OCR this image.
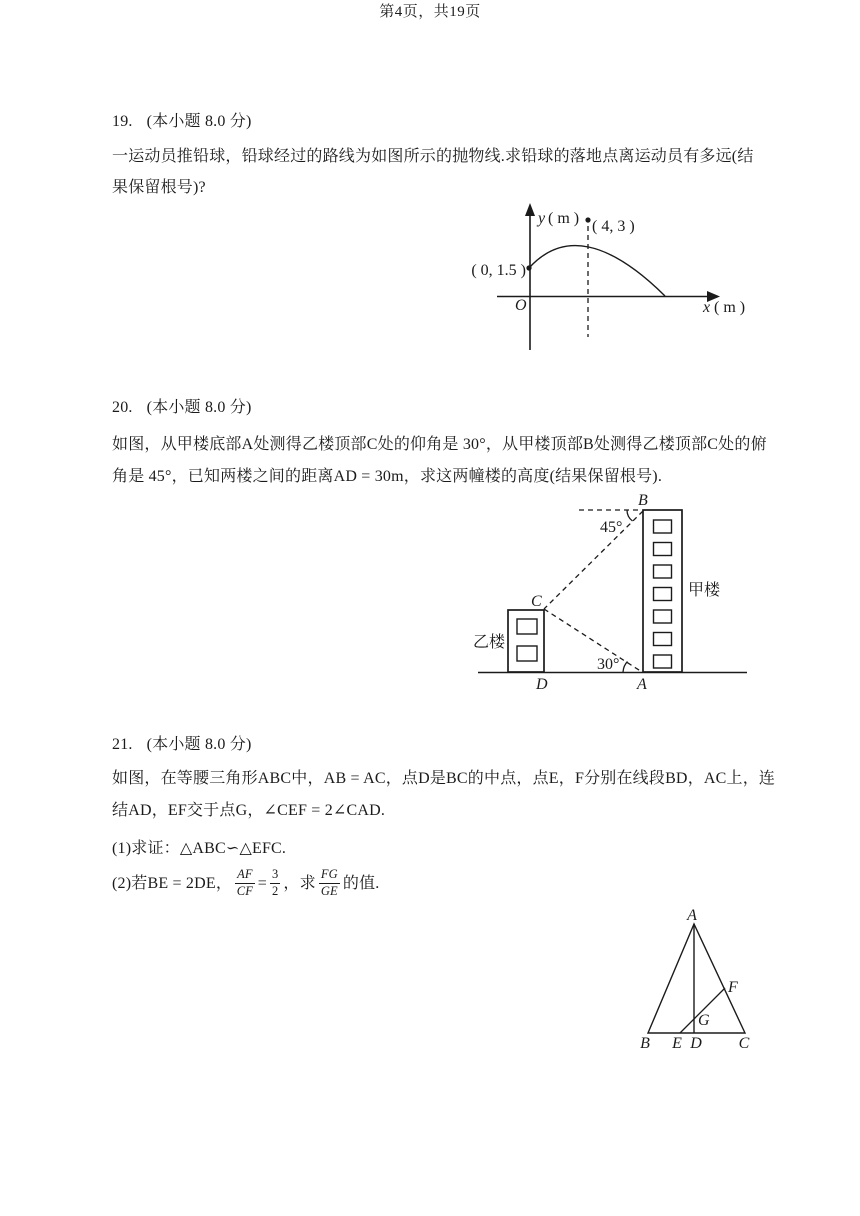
19. (本小题 8.0 分)
一运动员推铅球，铅球经过的路线为如图所示的抛物线.求铅球的落地点离运动员有多远(结
果保留根号)?
y ( m ) ( 4, 3 )
( 0, 1.5 )
O	x ( m )
20. (本小题 8.0 分)
如图，从甲楼底部A处测得乙楼顶部C处的仰角是 30°，从甲楼顶部B处测得乙楼顶部C处的俯
角是 45°，已知两楼之间的距离AD = 30m，求这两幢楼的高度(结果保留根号).
B
45°
C
乙楼
甲楼
30°
D	A
21. (本小题 8.0 分)
如图，在等腰三角形ABC中，AB = AC，点D是BC的中点，点E，F分别在线段BD，AC上，连
结AD，EF交于点G，∠CEF = 2∠CAD.
(1)求证：△ABC∽△EFC.
(2)若BE = 2DE， $\frac{AF}{CF} = \frac{3}{2}$ ，求 $\frac{FG}{GE}$ 的值.
A
B E D C
F
G
第4页，共19页
